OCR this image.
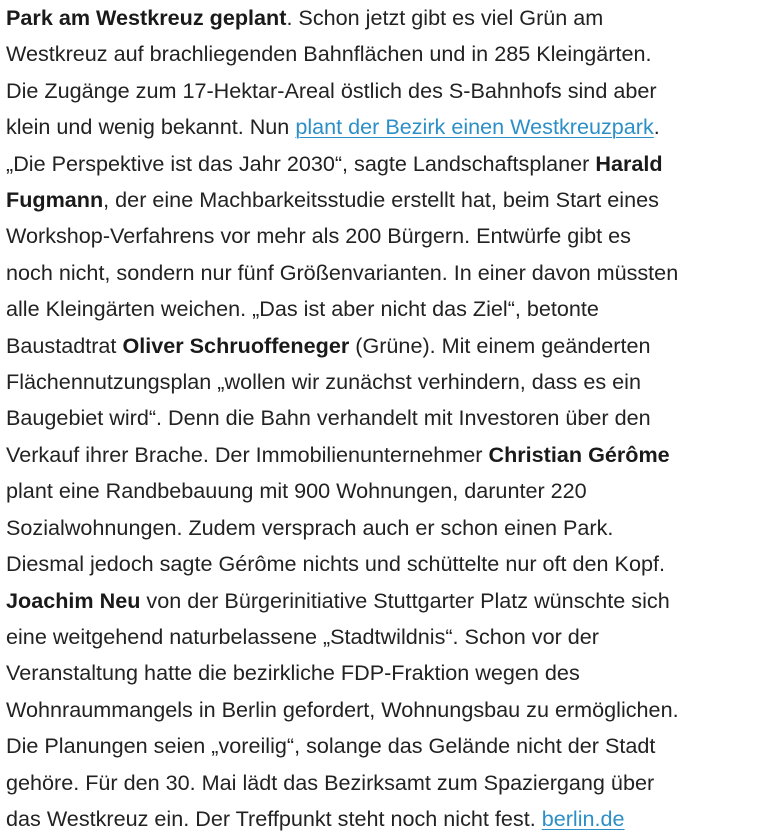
Park am Westkreuz geplant. Schon jetzt gibt es viel Grün am
Westkreuz auf brachliegenden Bahnflächen und in 285 Kleingärten.
Die Zugänge zum 17-Hektar-Areal östlich des S-Bahnhofs sind aber
klein und wenig bekannt. Nun plant der Bezirk einen Westkreuzpark.
„Die Perspektive ist das Jahr 2030“, sagte Landschaftsplaner Harald
Fugmann, der eine Machbarkeitsstudie erstellt hat, beim Start eines
Workshop-Verfahrens vor mehr als 200 Bürgern. Entwürfe gibt es
noch nicht, sondern nur fünf Größenvarianten. In einer davon müssten
alle Kleingärten weichen. „Das ist aber nicht das Ziel“, betonte
Baustadtrat Oliver Schruoffeneger (Grüne). Mit einem geänderten
Flächennutzungsplan „wollen wir zunächst verhindern, dass es ein
Baugebiet wird“. Denn die Bahn verhandelt mit Investoren über den
Verkauf ihrer Brache. Der Immobilienunternehmer Christian Gérôme
plant eine Randbebauung mit 900 Wohnungen, darunter 220
Sozialwohnungen. Zudem versprach auch er schon einen Park.
Diesmal jedoch sagte Gérôme nichts und schüttelte nur oft den Kopf.
Joachim Neu von der Bürgerinitiative Stuttgarter Platz wünschte sich
eine weitgehend naturbelassene „Stadtwildnis“. Schon vor der
Veranstaltung hatte die bezirkliche FDP-Fraktion wegen des
Wohnraummangels in Berlin gefordert, Wohnungsbau zu ermöglichen.
Die Planungen seien „voreilig“, solange das Gelände nicht der Stadt
gehöre. Für den 30. Mai lädt das Bezirksamt zum Spaziergang über
das Westkreuz ein. Der Treffpunkt steht noch nicht fest. berlin.de
